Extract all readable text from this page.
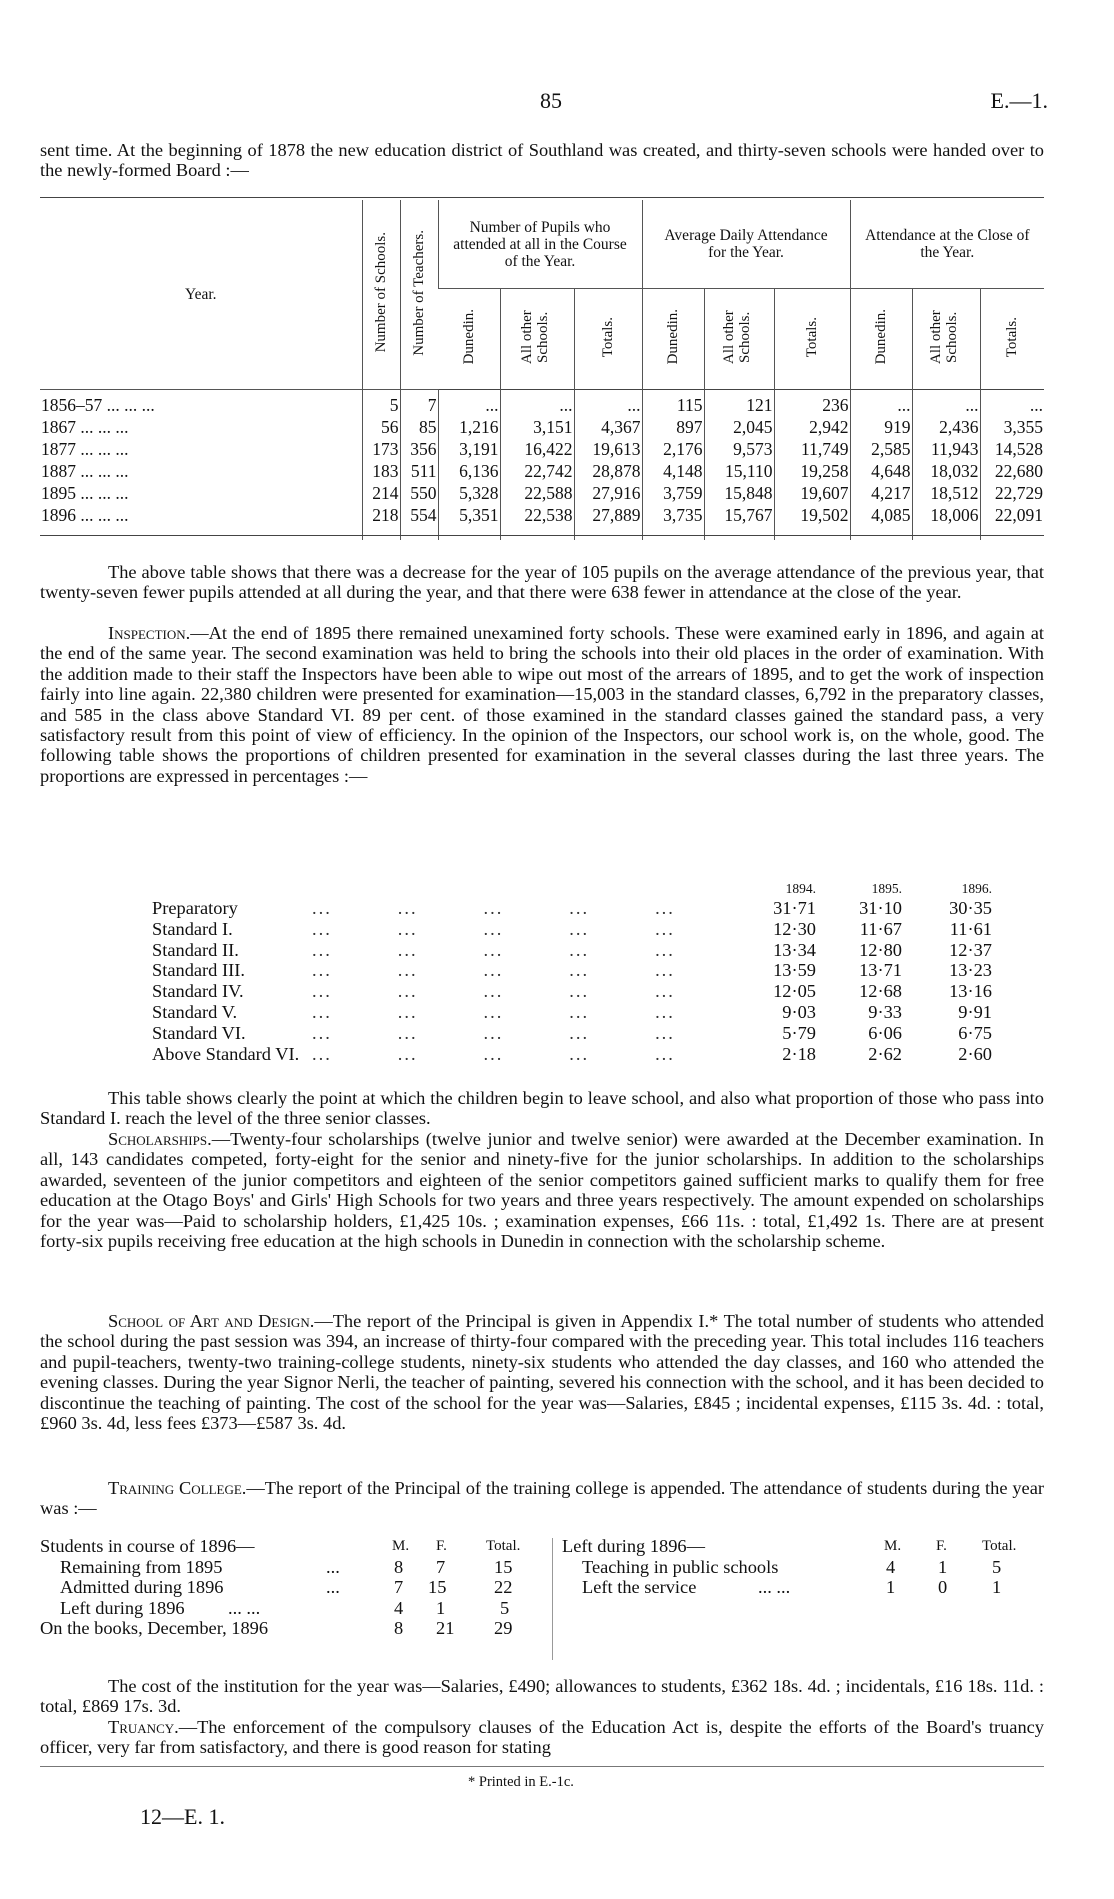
85	E.—1.

sent time. At the beginning of 1878 the new education district of Southland was created, and thirty-seven schools were handed over to the newly-formed Board :—

Year.	Number of Schools.	Number of Teachers.	Number of Pupils who attended at all in the Course of the Year.			Average Daily Attendance for the Year.			Attendance at the Close of the Year.		
			Dunedin.	All other Schools.	Totals.	Dunedin.	All other Schools.	Totals.	Dunedin.	All other Schools.	Totals.
1856–57 ... ... ...	5	7	...	...	...	115	121	236	...	...	...
1867 ... ... ...	56	85	1,216	3,151	4,367	897	2,045	2,942	919	2,436	3,355
1877 ... ... ...	173	356	3,191	16,422	19,613	2,176	9,573	11,749	2,585	11,943	14,528
1887 ... ... ...	183	511	6,136	22,742	28,878	4,148	15,110	19,258	4,648	18,032	22,680
1895 ... ... ...	214	550	5,328	22,588	27,916	3,759	15,848	19,607	4,217	18,512	22,729
1896 ... ... ...	218	554	5,351	22,538	27,889	3,735	15,767	19,502	4,085	18,006	22,091

The above table shows that there was a decrease for the year of 105 pupils on the average attendance of the previous year, that twenty-seven fewer pupils attended at all during the year, and that there were 638 fewer in attendance at the close of the year.

Inspection.—At the end of 1895 there remained unexamined forty schools. These were examined early in 1896, and again at the end of the same year. The second examination was held to bring the schools into their old places in the order of examination. With the addition made to their staff the Inspectors have been able to wipe out most of the arrears of 1895, and to get the work of inspection fairly into line again. 22,380 children were presented for examination—15,003 in the standard classes, 6,792 in the preparatory classes, and 585 in the class above Standard VI. 89 per cent. of those examined in the standard classes gained the standard pass, a very satisfactory result from this point of view of efficiency. In the opinion of the Inspectors, our school work is, on the whole, good. The following table shows the proportions of children presented for examination in the several classes during the last three years. The proportions are expressed in percentages :—

1894.	1895.	1896.
Preparatory	31·71	31·10	30·35
...          ...          ...          ...          ...
Standard I.	12·30	11·67	11·61
...          ...          ...          ...          ...
Standard II.	13·34	12·80	12·37
...          ...          ...          ...          ...
Standard III.	13·59	13·71	13·23
...          ...          ...          ...          ...
Standard IV.	12·05	12·68	13·16
...          ...          ...          ...          ...
Standard V.	9·03	9·33	9·91
...          ...          ...          ...          ...
Standard VI.	5·79	6·06	6·75
...          ...          ...          ...          ...
Above Standard VI.	2·18	2·62	2·60
...          ...          ...          ...          ...

This table shows clearly the point at which the children begin to leave school, and also what proportion of those who pass into Standard I. reach the level of the three senior classes.

Scholarships.—Twenty-four scholarships (twelve junior and twelve senior) were awarded at the December examination. In all, 143 candidates competed, forty-eight for the senior and ninety-five for the junior scholarships. In addition to the scholarships awarded, seventeen of the junior competitors and eighteen of the senior competitors gained sufficient marks to qualify them for free education at the Otago Boys' and Girls' High Schools for two years and three years respectively. The amount expended on scholarships for the year was—Paid to scholarship holders, £1,425 10s. ; examination expenses, £66 11s. : total, £1,492 1s. There are at present forty-six pupils receiving free education at the high schools in Dunedin in connection with the scholarship scheme.

School of Art and Design.—The report of the Principal is given in Appendix I.* The total number of students who attended the school during the past session was 394, an increase of thirty-four compared with the preceding year. This total includes 116 teachers and pupil-teachers, twenty-two training-college students, ninety-six students who attended the day classes, and 160 who attended the evening classes. During the year Signor Nerli, the teacher of painting, severed his connection with the school, and it has been decided to discontinue the teaching of painting. The cost of the school for the year was—Salaries, £845 ; incidental expenses, £115 3s. 4d. : total, £960 3s. 4d, less fees £373—£587 3s. 4d.

Training College.—The report of the Principal of the training college is appended. The attendance of students during the year was :—

Students in course of 1896—	M. F.	Total.
Remaining from 1895	...	8 7	15
Admitted during 1896	...	7 15	22
Left during 1896 ... ...	4 1	5
On the books, December, 1896	8 21 29
Left during 1896—	M. F. Total.
Teaching in public schools	4 1 5
Left the service	... ...	1 0 1

The cost of the institution for the year was—Salaries, £490; allowances to students, £362 18s. 4d. ; incidentals, £16 18s. 11d. : total, £869 17s. 3d.

Truancy.—The enforcement of the compulsory clauses of the Education Act is, despite the efforts of the Board's truancy officer, very far from satisfactory, and there is good reason for stating

* Printed in E.-1c.
12—E. 1.
